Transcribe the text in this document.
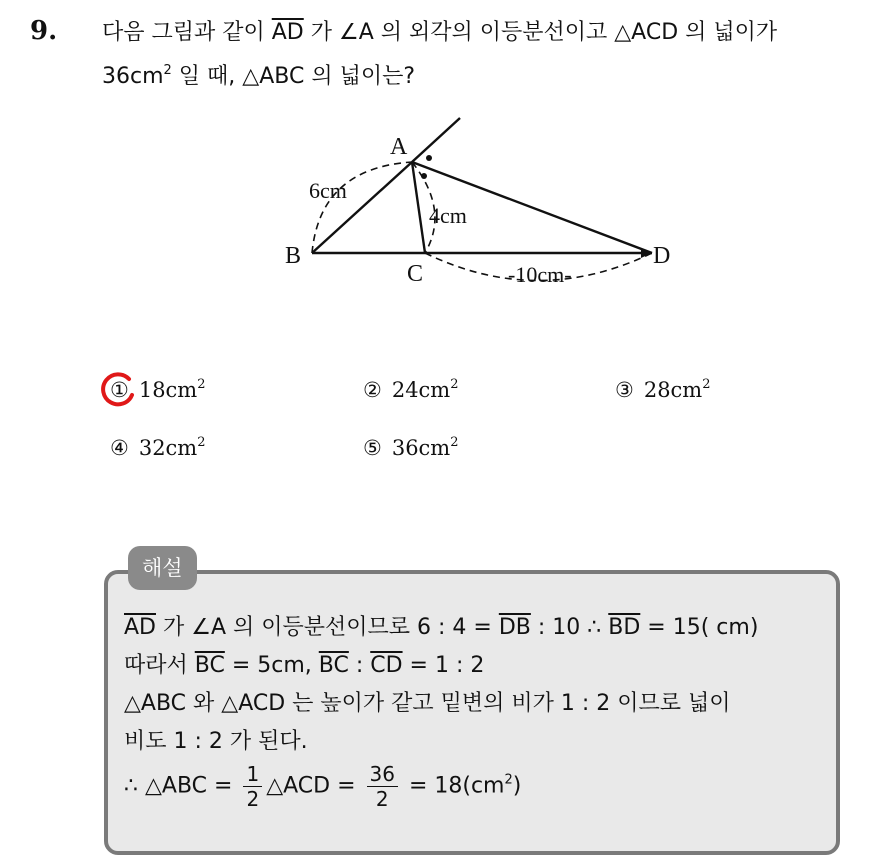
9. 다음 그림과 같이 $\overline{AD}$ 가 ∠A 의 외각의 이등분선이고 △ACD 의 넓이가
$36cm^2$ 일 때, △ABC 의 넓이는?
A
B
C
D
6cm
4cm
-10cm-
① $18cm^2$	② $24cm^2$	③ $28cm^2$
④ $32cm^2$	⑤ $36cm^2$
해설
$\overline{AD}$ 가 ∠A 의 이등분선이므로 6 : $4 = \overline{DB}$ : 10 ∴ $\overline{BD} = 15$( cm)
따라서 $\overline{BC} = 5cm$, $\overline{BC}$ : $\overline{CD} = 1$ : 2
△ABC 와 △ACD 는 높이가 같고 밑변의 비가 1 : 2 이므로 넓이
비도 1 : 2 가 된다.
∴ △ABC = $\frac{1}{2}$ △ACD = $\frac{36}{2} = 18(cm^2)$
